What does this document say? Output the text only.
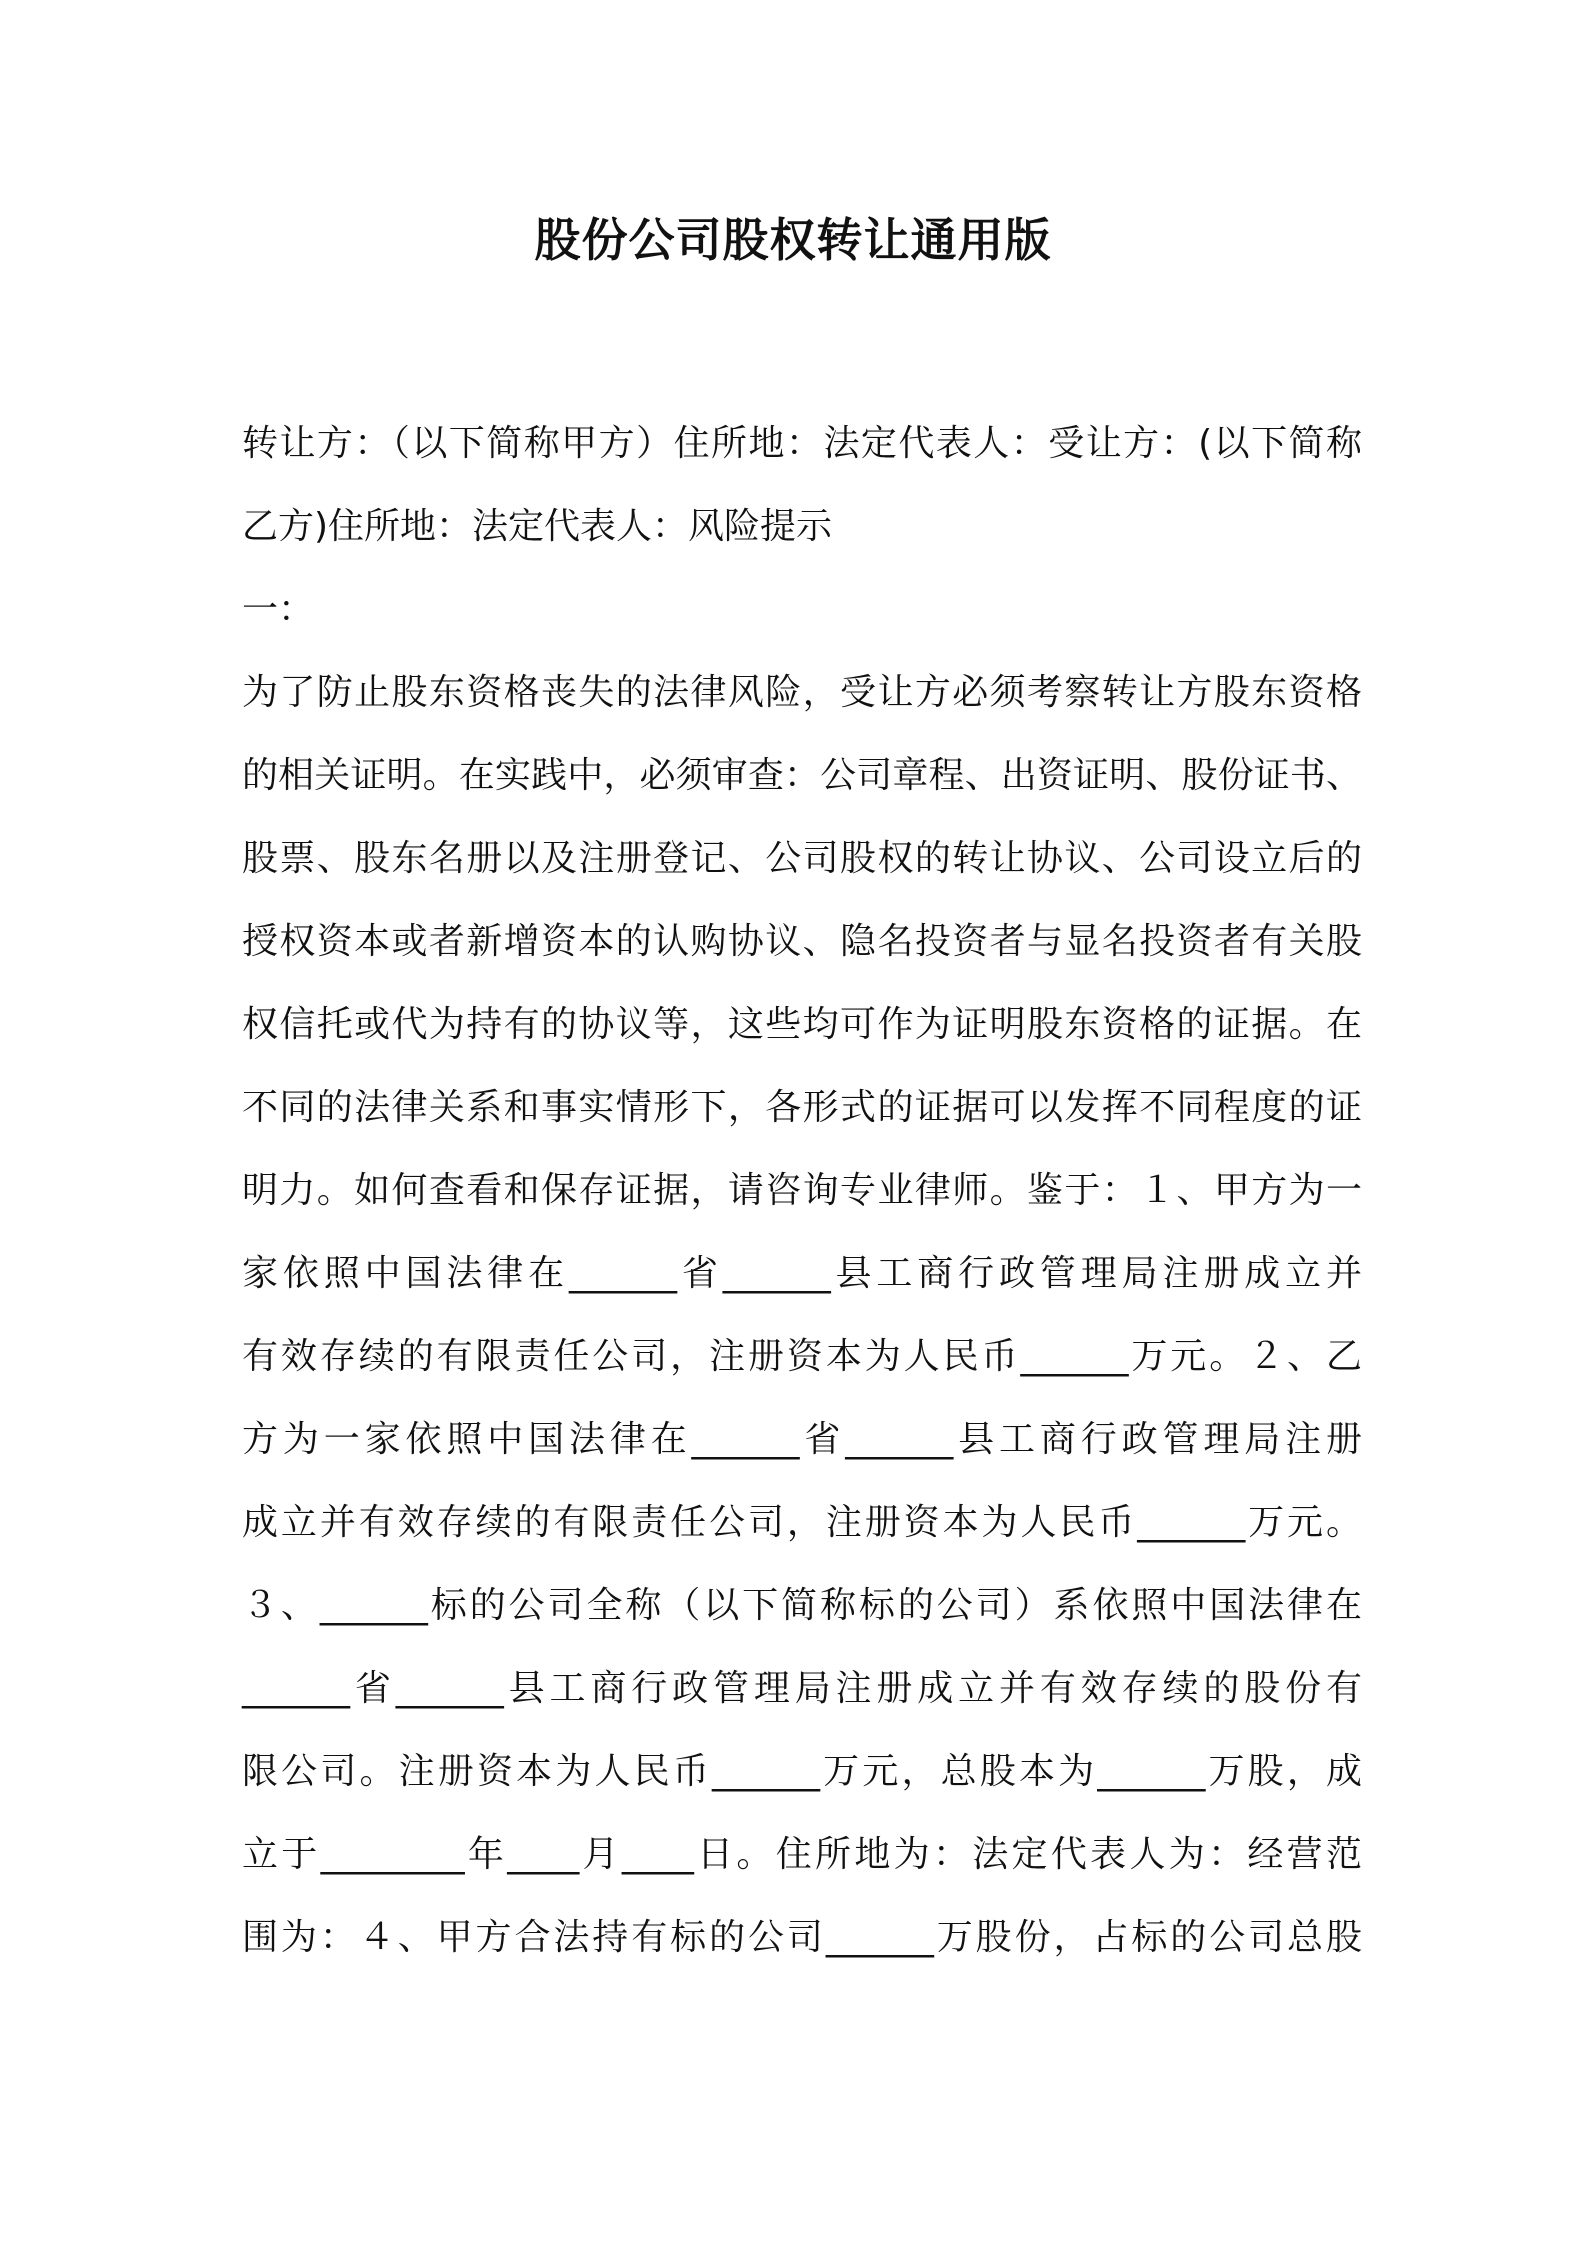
股份公司股权转让通用版
转让方：（以下简称甲方）住所地：法定代表人：受让方：(以下简称
乙方)住所地：法定代表人：风险提示
一：
为了防止股东资格丧失的法律风险，受让方必须考察转让方股东资格
的相关证明。在实践中，必须审查：公司章程、出资证明、股份证书、
股票、股东名册以及注册登记、公司股权的转让协议、公司设立后的
授权资本或者新增资本的认购协议、隐名投资者与显名投资者有关股
权信托或代为持有的协议等，这些均可作为证明股东资格的证据。在
不同的法律关系和事实情形下，各形式的证据可以发挥不同程度的证
明力。如何查看和保存证据，请咨询专业律师。鉴于：１、甲方为一
家依照中国法律在______省______县工商行政管理局注册成立并
有效存续的有限责任公司，注册资本为人民币______万元。２、乙
方为一家依照中国法律在______省______县工商行政管理局注册
成立并有效存续的有限责任公司，注册资本为人民币______万元。
３、______标的公司全称（以下简称标的公司）系依照中国法律在
______省______县工商行政管理局注册成立并有效存续的股份有
限公司。注册资本为人民币______万元，总股本为______万股，成
立于________年____月____日。住所地为：法定代表人为：经营范
围为：４、甲方合法持有标的公司______万股份，占标的公司总股
